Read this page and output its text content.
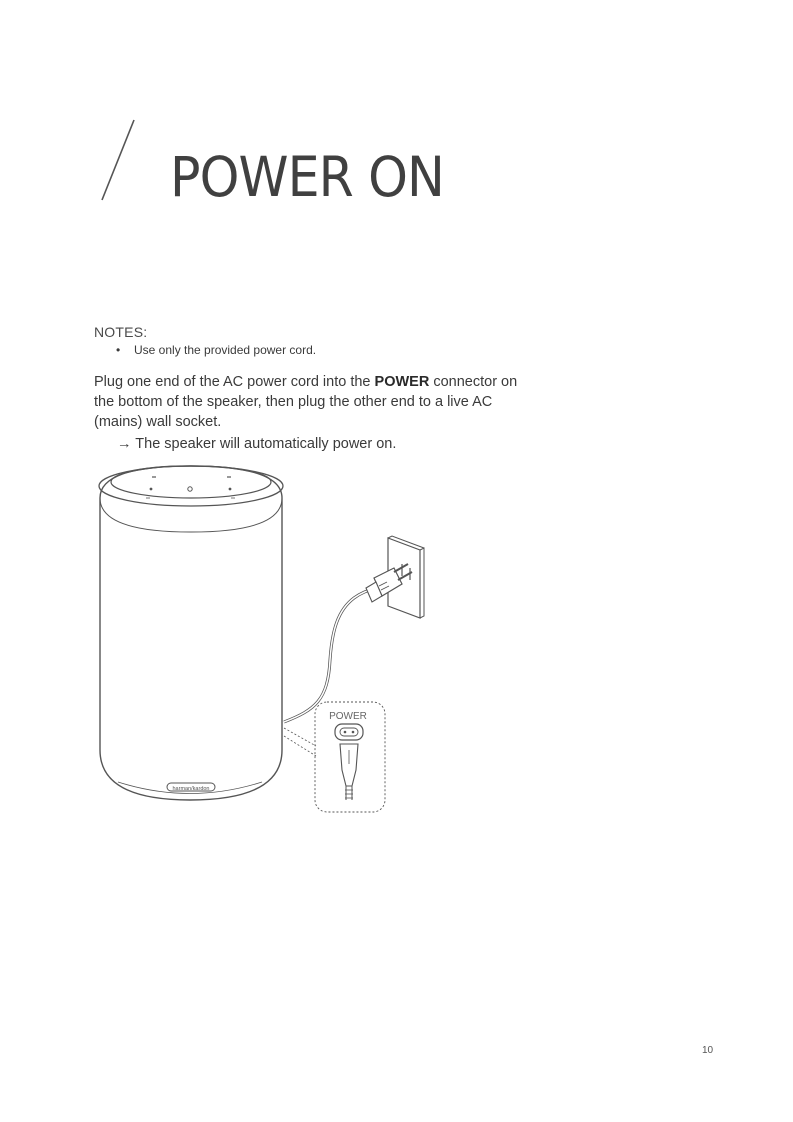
POWER ON
NOTES:
• Use only the provided power cord.
Plug one end of the AC power cord into the POWER connector on the bottom of the speaker, then plug the other end to a live AC (mains) wall socket.
→ The speaker will automatically power on.
harman/kardon
POWER
10
